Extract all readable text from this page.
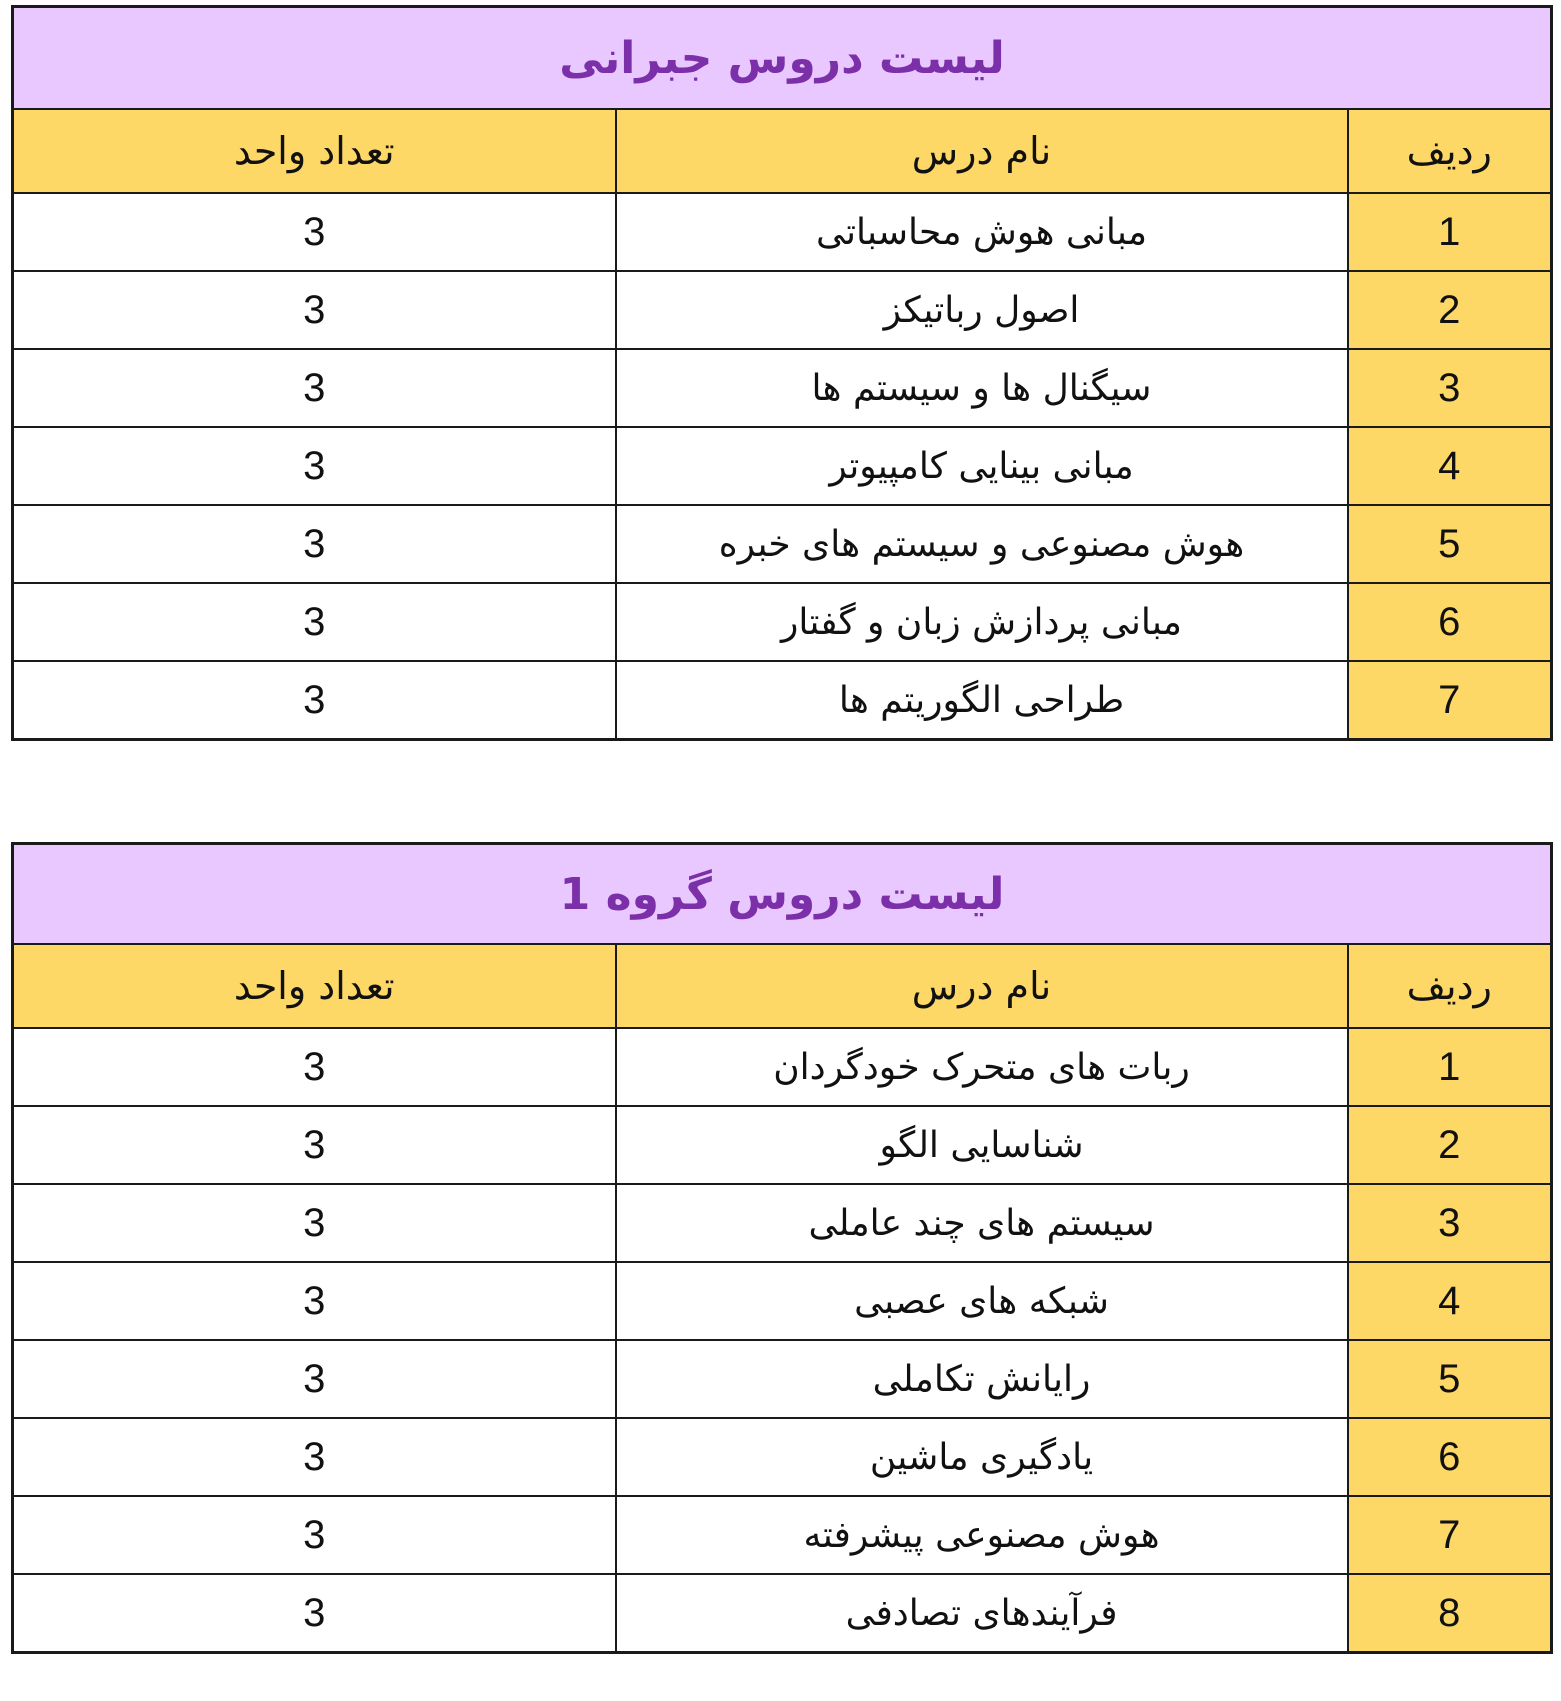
لیست دروس جبرانی		
ردیف	نام درس	تعداد واحد
1	مبانی هوش محاسباتی	3
2	اصول رباتیکز	3
3	سیگنال ها و سیستم ها	3
4	مبانی بینایی کامپیوتر	3
5	هوش مصنوعی و سیستم های خبره	3
6	مبانی پردازش زبان و گفتار	3
7	طراحی الگوریتم ها	3
لیست دروس گروه 1		
ردیف	نام درس	تعداد واحد
1	ربات های متحرک خودگردان	3
2	شناسایی الگو	3
3	سیستم های چند عاملی	3
4	شبکه های عصبی	3
5	رایانش تکاملی	3
6	یادگیری ماشین	3
7	هوش مصنوعی پیشرفته	3
8	فرآیندهای تصادفی	3
